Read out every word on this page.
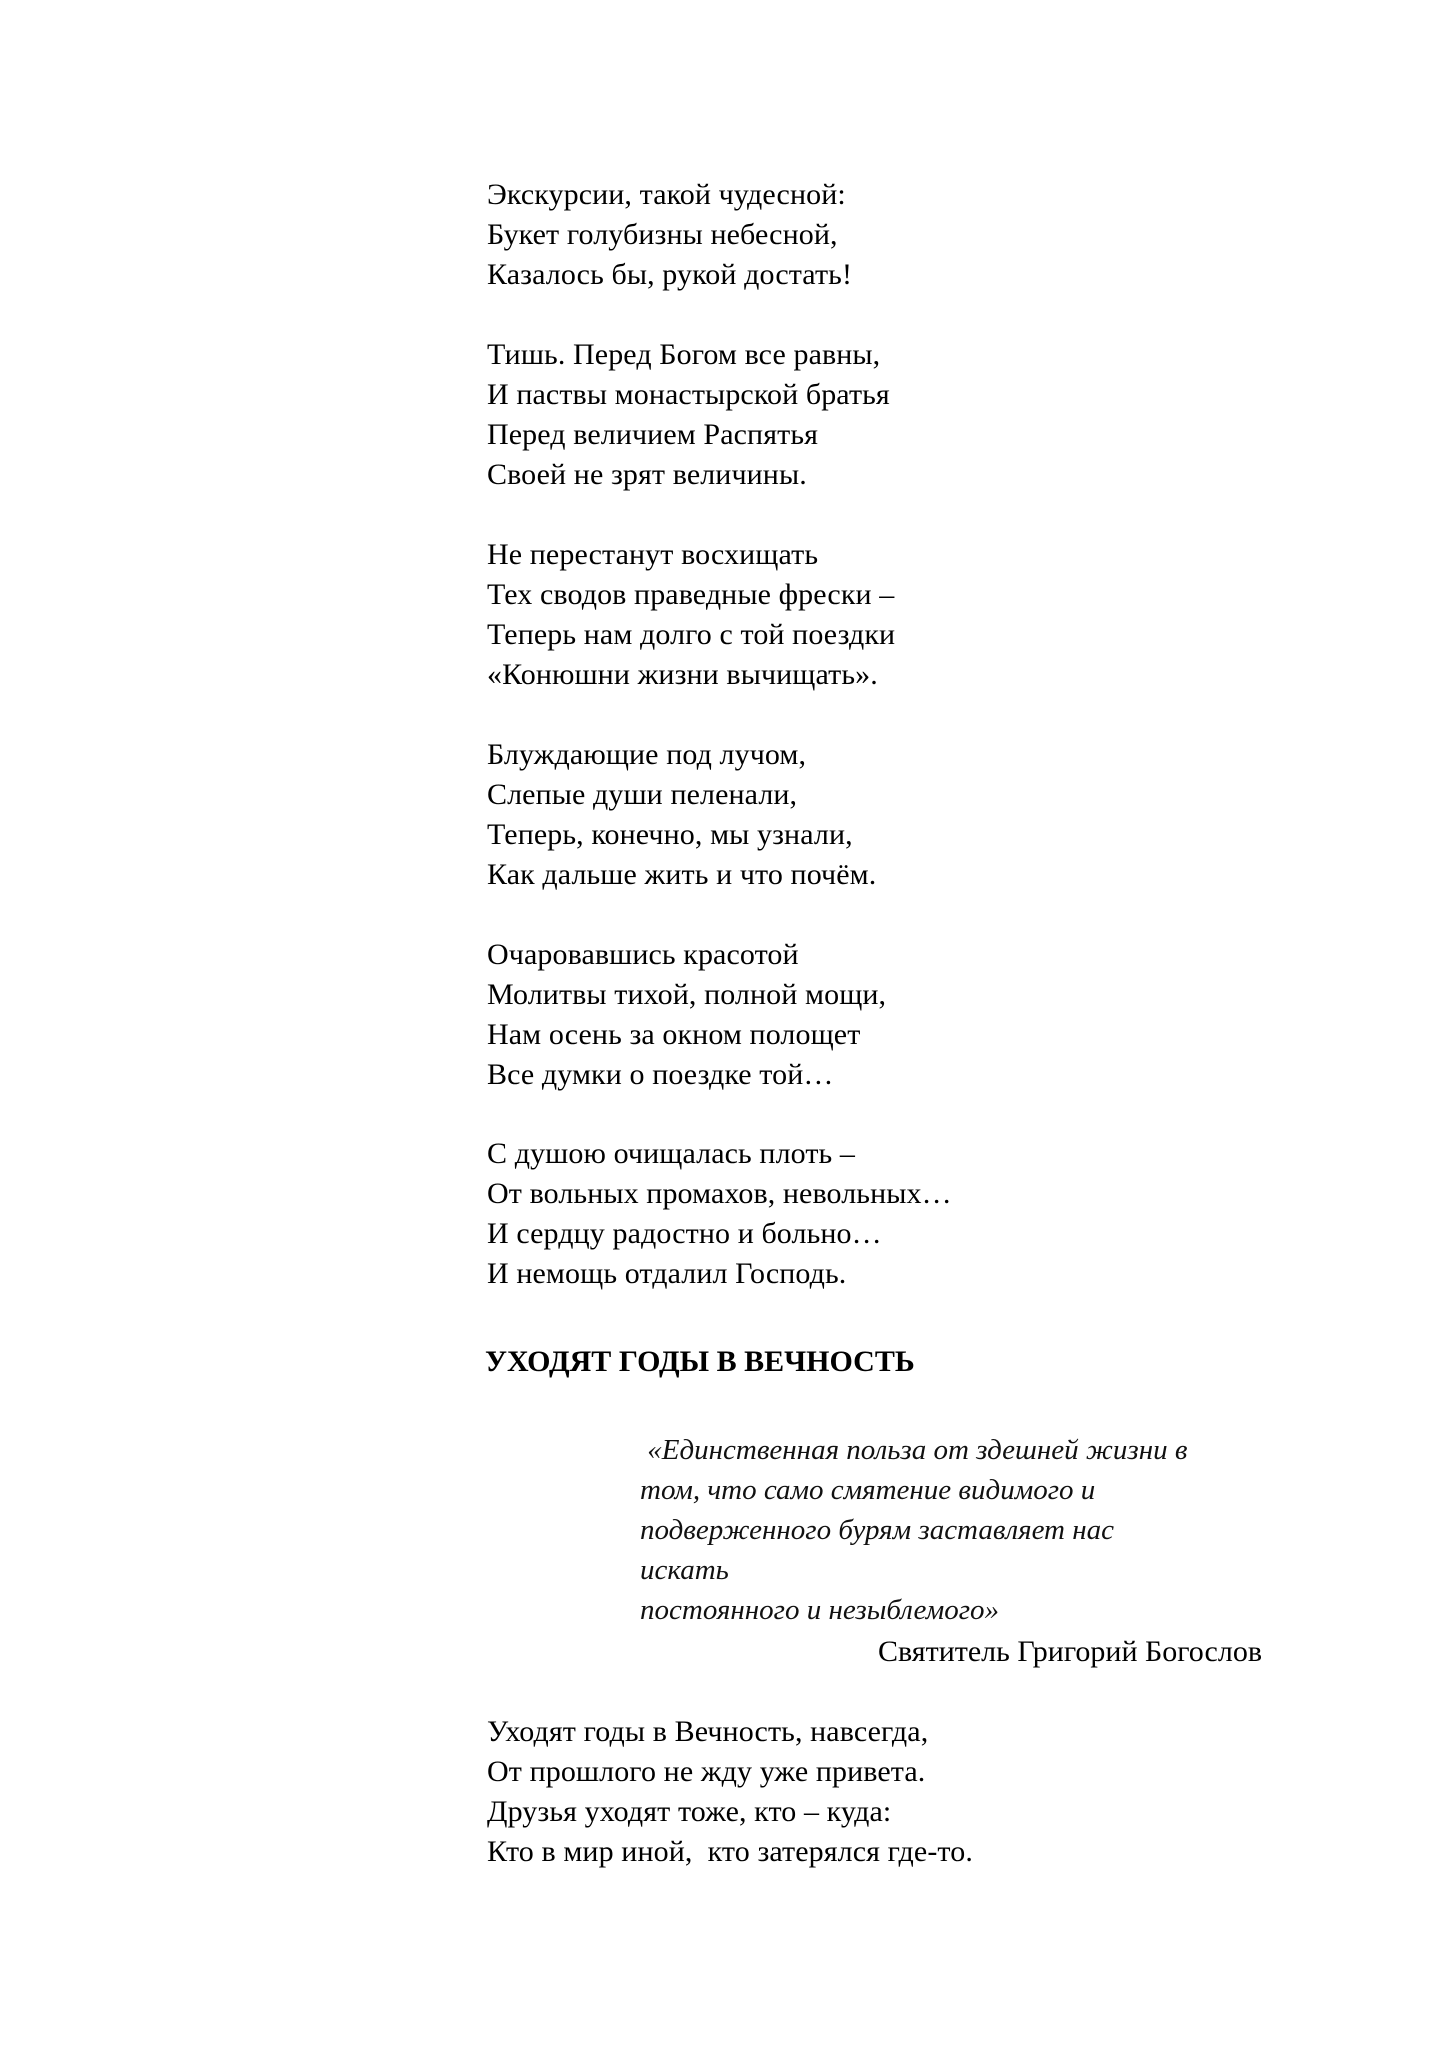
Экскурсии, такой чудесной:
Букет голубизны небесной,
Казалось бы, рукой достать!
Тишь. Перед Богом все равны,
И паствы монастырской братья
Перед величием Распятья
Своей не зрят величины.
Не перестанут восхищать
Тех сводов праведные фрески –
Теперь нам долго с той поездки
«Конюшни жизни вычищать».
Блуждающие под лучом,
Слепые души пеленали,
Теперь, конечно, мы узнали,
Как дальше жить и что почём.
Очаровавшись красотой
Молитвы тихой, полной мощи,
Нам осень за окном полощет
Все думки о поездке той…
С душою очищалась плоть –
От вольных промахов, невольных…
И сердцу радостно и больно…
И немощь отдалил Господь.
УХОДЯТ ГОДЫ В ВЕЧНОСТЬ
«Единственная польза от здешней жизни в
том, что само смятение видимого и
подверженного бурям заставляет нас
искать
постоянного и незыблемого»
Святитель Григорий Богослов
Уходят годы в Вечность, навсегда,
От прошлого не жду уже привета.
Друзья уходят тоже, кто – куда:
Кто в мир иной,  кто затерялся где-то.
